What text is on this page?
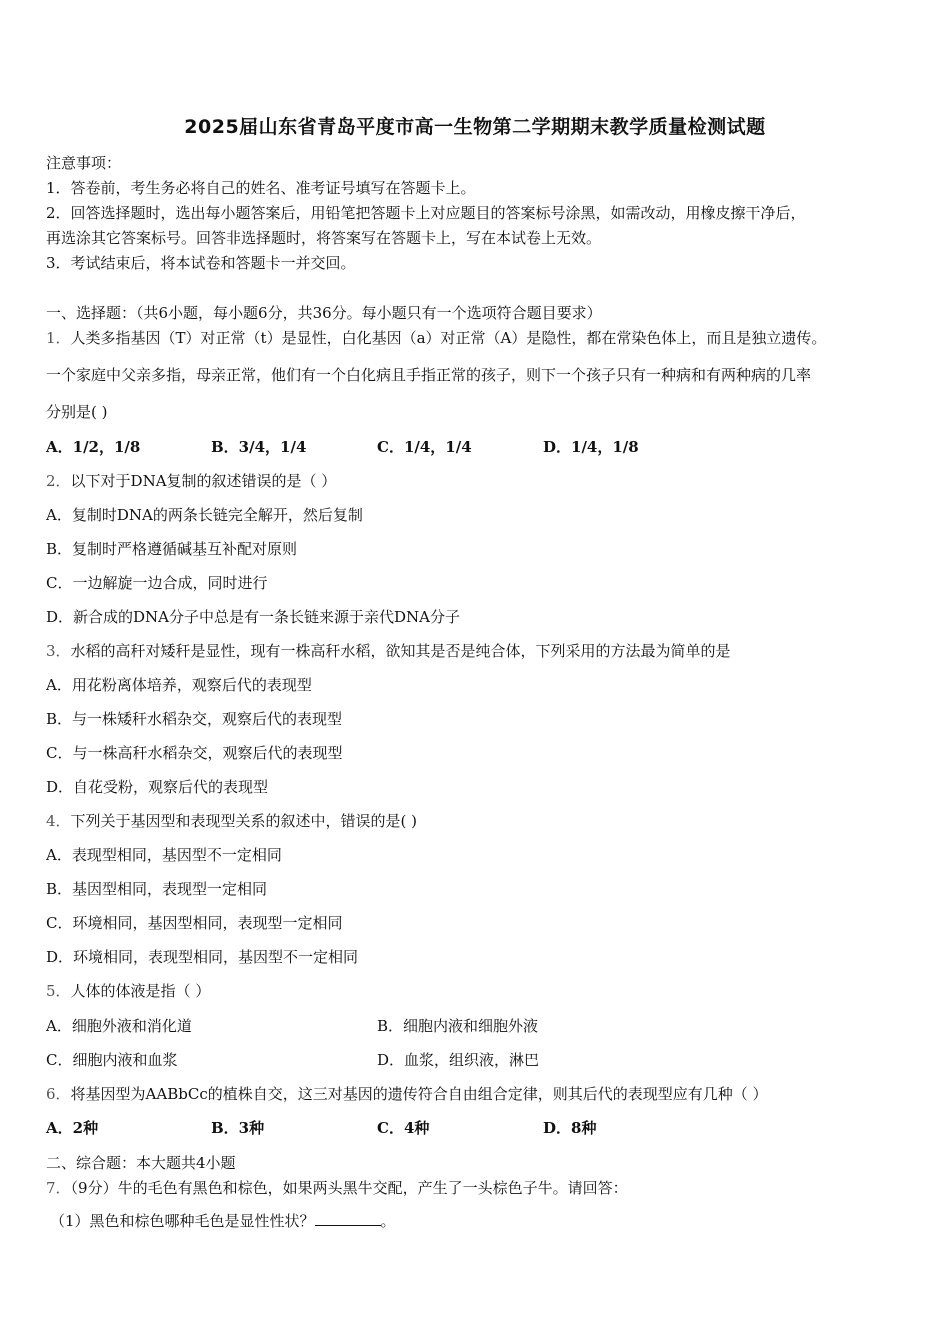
2025届山东省青岛平度市高一生物第二学期期末教学质量检测试题
注意事项：
1．答卷前，考生务必将自己的姓名、准考证号填写在答题卡上。
2．回答选择题时，选出每小题答案后，用铅笔把答题卡上对应题目的答案标号涂黑，如需改动，用橡皮擦干净后，
再选涂其它答案标号。回答非选择题时，将答案写在答题卡上，写在本试卷上无效。
3．考试结束后，将本试卷和答题卡一并交回。
一、选择题：（共6小题，每小题6分，共36分。每小题只有一个选项符合题目要求）
1．人类多指基因（T）对正常（t）是显性，白化基因（a）对正常（A）是隐性，都在常染色体上，而且是独立遗传。
一个家庭中父亲多指，母亲正常，他们有一个白化病且手指正常的孩子，则下一个孩子只有一种病和有两种病的几率
分别是( )
A．1/2，1/8	B．3/4，1/4	C．1/4，1/4	D．1/4，1/8
2．以下对于DNA复制的叙述错误的是（ ）
A．复制时DNA的两条长链完全解开，然后复制
B．复制时严格遵循碱基互补配对原则
C．一边解旋一边合成，同时进行
D．新合成的DNA分子中总是有一条长链来源于亲代DNA分子
3．水稻的高秆对矮秆是显性，现有一株高秆水稻，欲知其是否是纯合体，下列采用的方法最为简单的是
A．用花粉离体培养，观察后代的表现型
B．与一株矮秆水稻杂交，观察后代的表现型
C．与一株高秆水稻杂交，观察后代的表现型
D．自花受粉，观察后代的表现型
4．下列关于基因型和表现型关系的叙述中，错误的是( )
A．表现型相同，基因型不一定相同
B．基因型相同，表现型一定相同
C．环境相同，基因型相同，表现型一定相同
D．环境相同，表现型相同，基因型不一定相同
5．人体的体液是指（ ）
A．细胞外液和消化道	B．细胞内液和细胞外液
C．细胞内液和血浆	D．血浆，组织液，淋巴
6．将基因型为AABbCc的植株自交，这三对基因的遗传符合自由组合定律，则其后代的表现型应有几种（ ）
A．2种	B．3种	C．4种	D．8种
二、综合题：本大题共4小题
7．（9分）牛的毛色有黑色和棕色，如果两头黑牛交配，产生了一头棕色子牛。请回答：
（1）黑色和棕色哪种毛色是显性性状？	。
